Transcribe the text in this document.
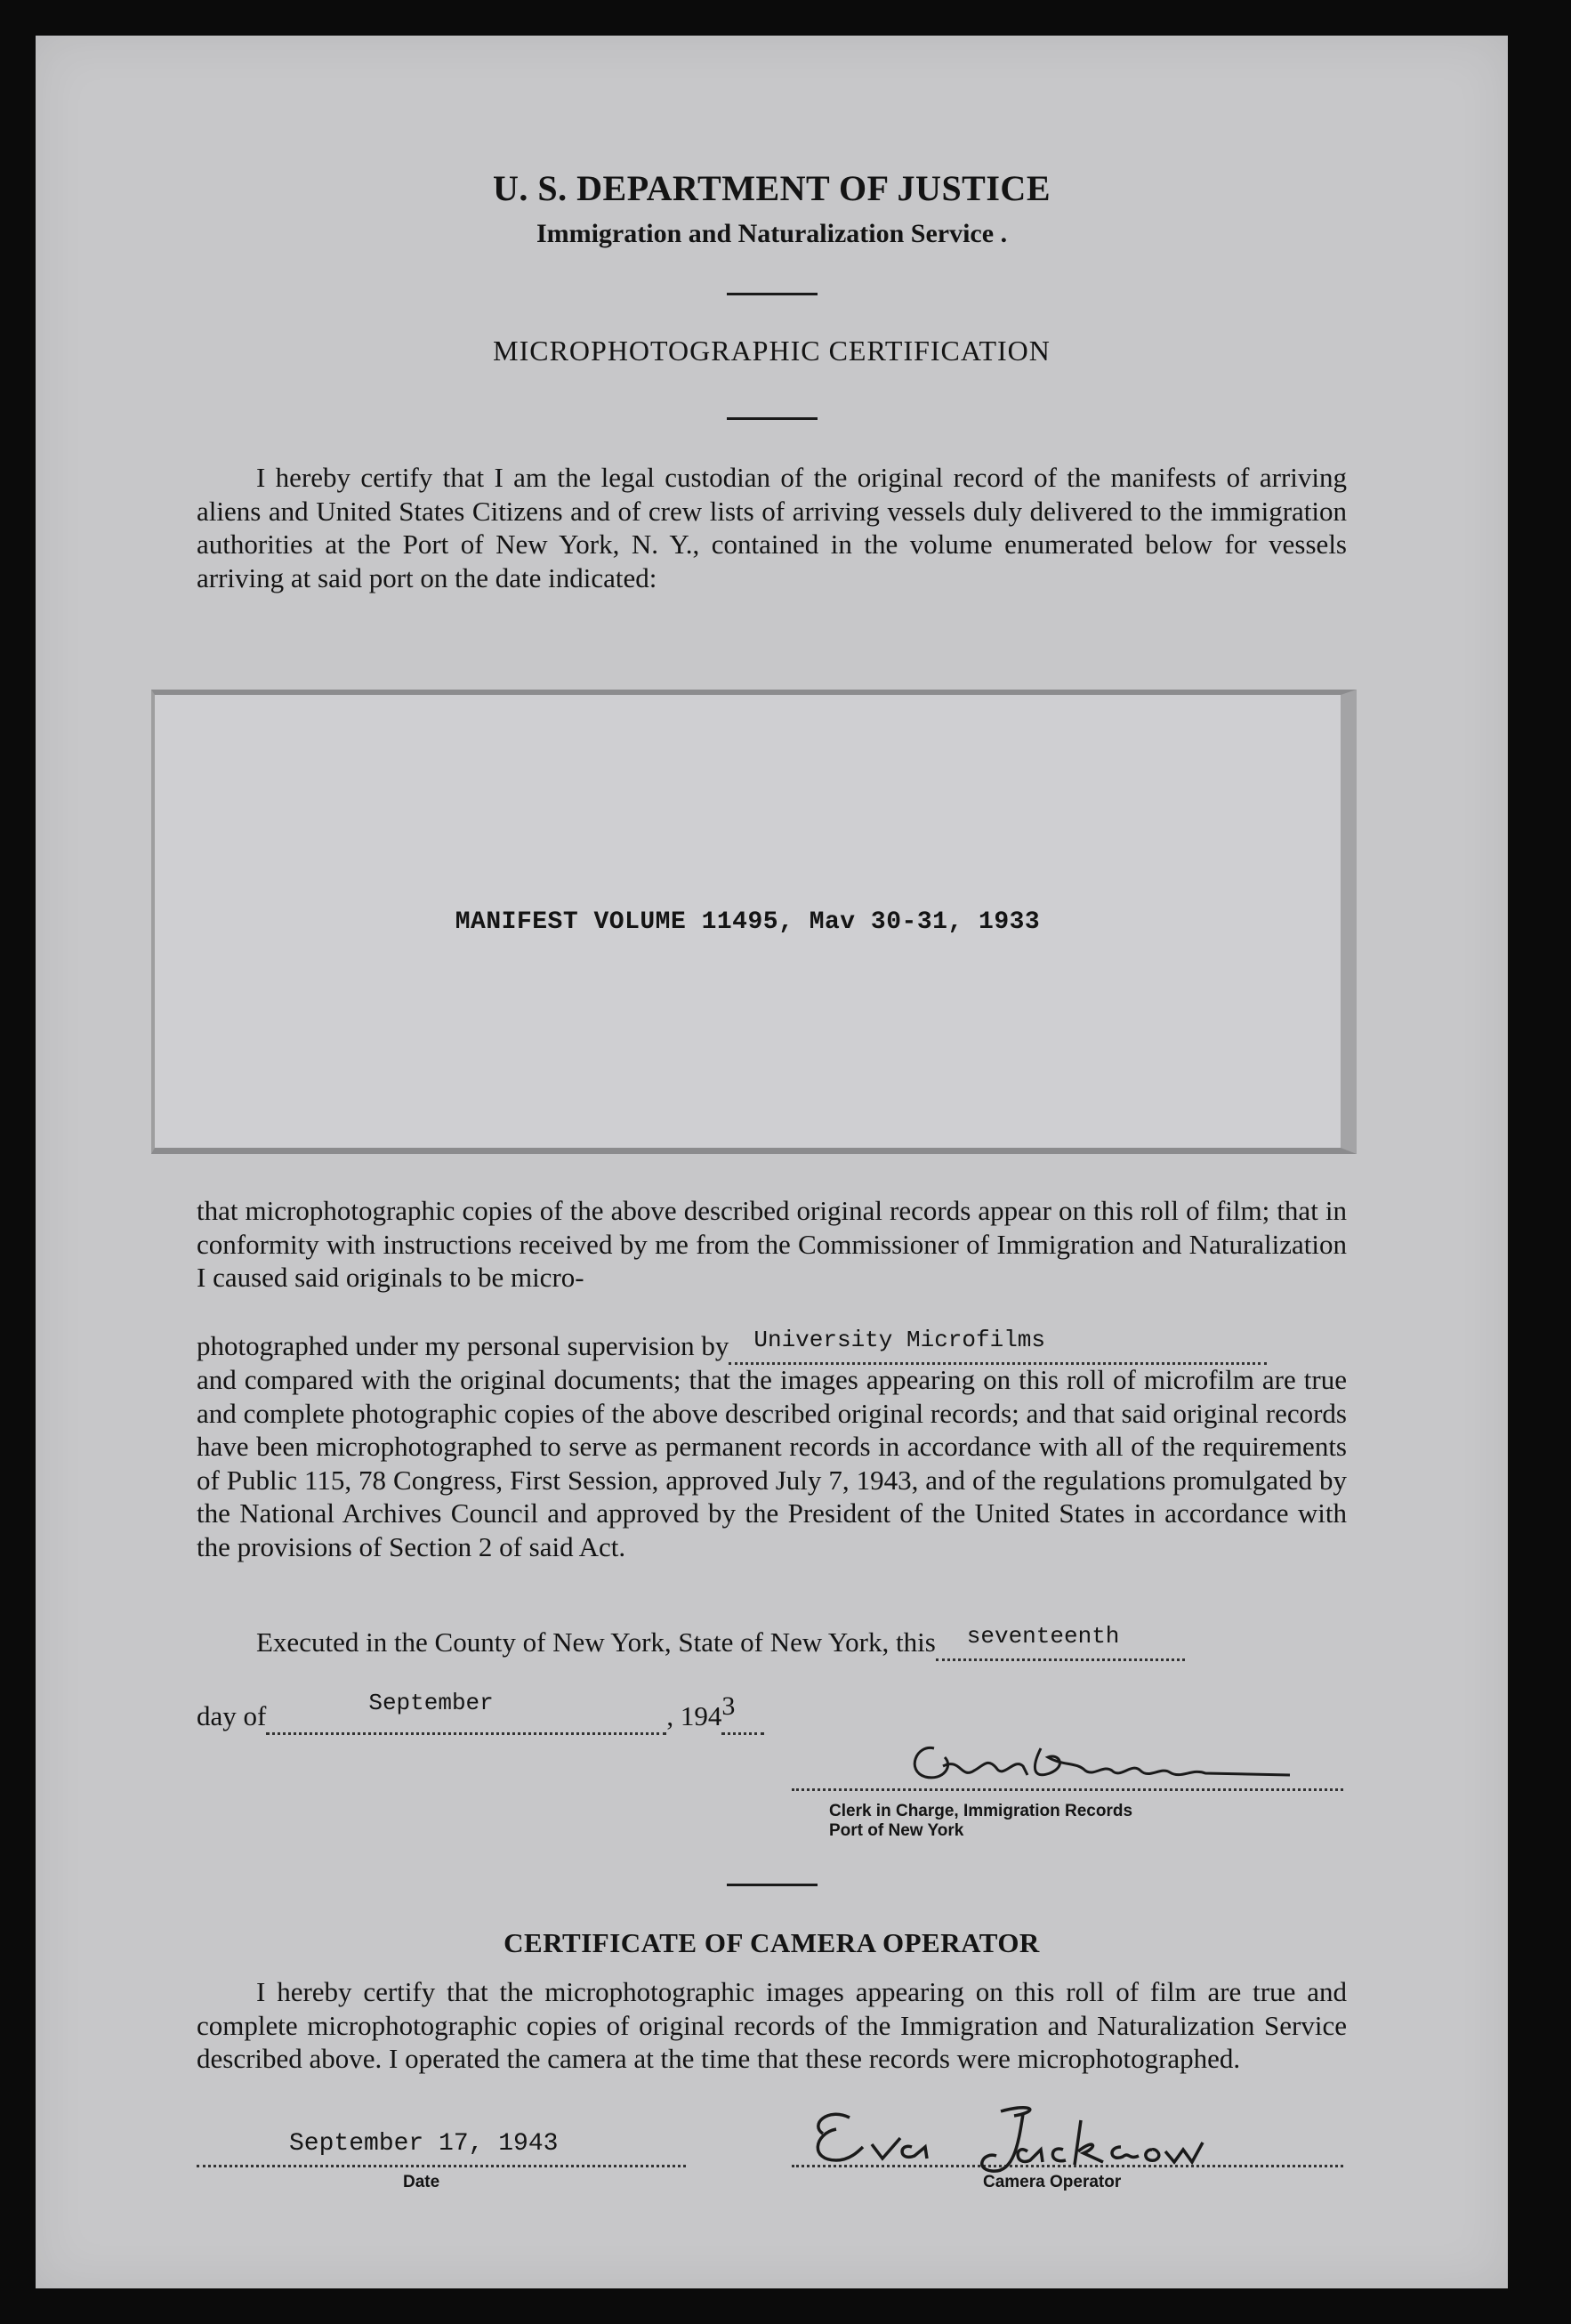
U. S. DEPARTMENT OF JUSTICE
Immigration and Naturalization Service .
MICROPHOTOGRAPHIC CERTIFICATION

I hereby certify that I am the legal custodian of the original record of the manifests of arriving aliens and United States Citizens and of crew lists of arriving vessels duly delivered to the immigration authorities at the Port of New York, N. Y., contained in the volume enumerated below for vessels arriving at said port on the date indicated:

MANIFEST VOLUME 11495, Mav 30-31, 1933

that microphotographic copies of the above described original records appear on this roll of film; that in conformity with instructions received by me from the Commissioner of Immigration and Naturalization I caused said originals to be micro-

photographed under my personal supervision by University Microfilms

and compared with the original documents; that the images appearing on this roll of microfilm are true and complete photographic copies of the above described original records; and that said original records have been microphotographed to serve as permanent records in accordance with all of the requirements of Public 115, 78 Congress, First Session, approved July 7, 1943, and of the regulations promulgated by the National Archives Council and approved by the President of the United States in accordance with the provisions of Section 2 of said Act.

Executed in the County of New York, State of New York, this seventeenth

day of	September	, 194 3

Clerk in Charge, Immigration Records
Port of New York
CERTIFICATE OF CAMERA OPERATOR

I hereby certify that the microphotographic images appearing on this roll of film are true and complete microphotographic copies of original records of the Immigration and Naturalization Service described above. I operated the camera at the time that these records were microphotographed.

September 17, 1943
Date	Camera Operator
